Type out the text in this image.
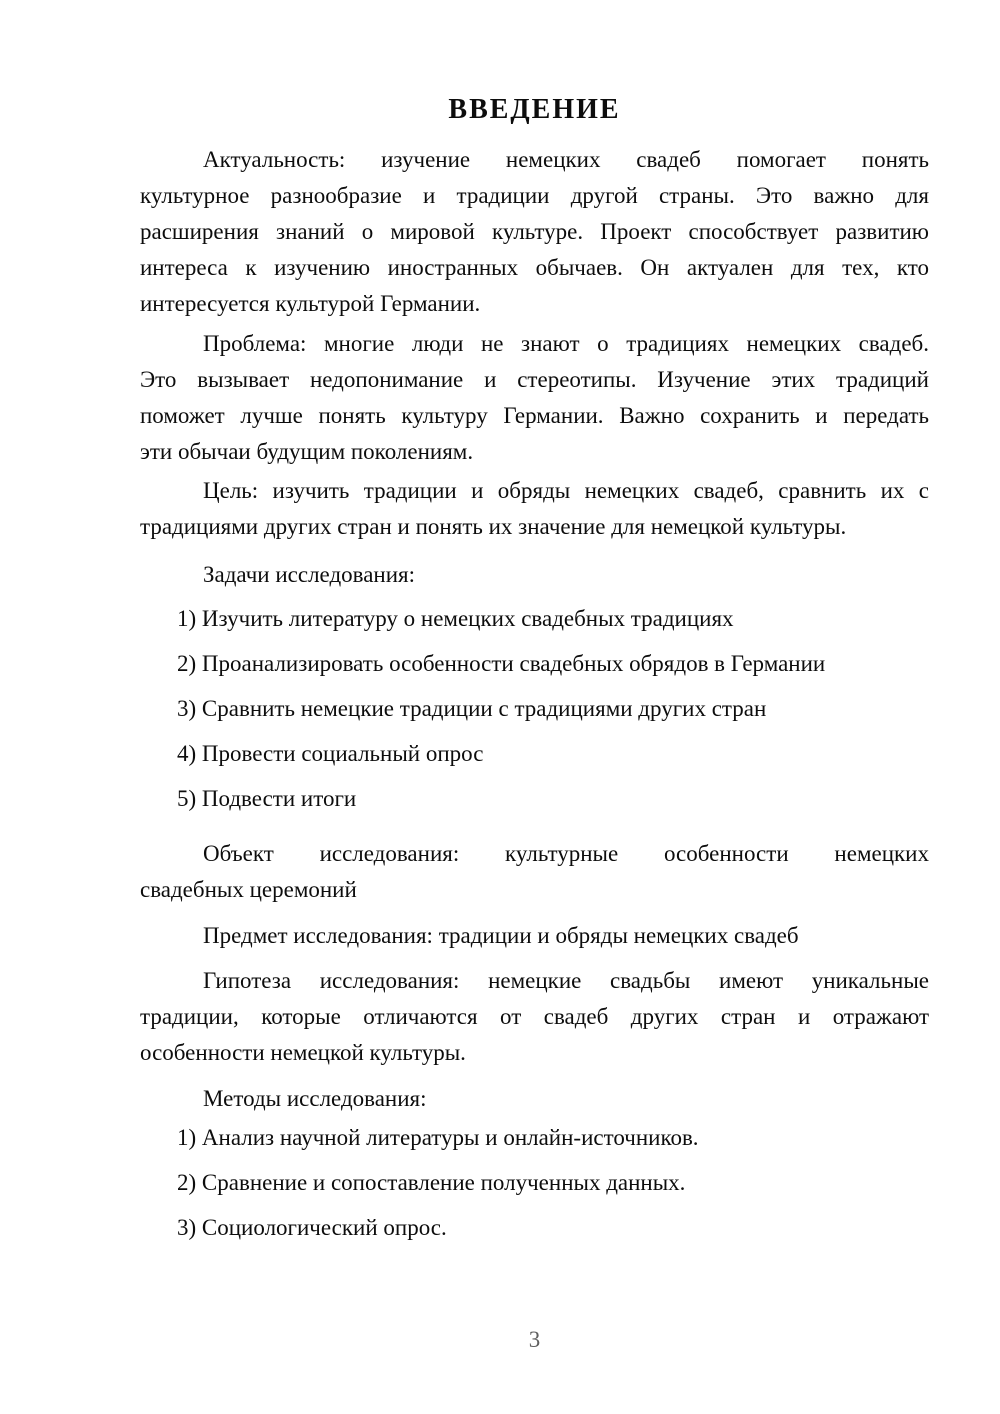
ВВЕДЕНИЕ
Актуальность: изучение немецких свадеб помогает понять
культурное разнообразие и традиции другой страны. Это важно для
расширения знаний о мировой культуре. Проект способствует развитию
интереса к изучению иностранных обычаев. Он актуален для тех, кто
интересуется культурой Германии.
Проблема: многие люди не знают о традициях немецких свадеб.
Это вызывает недопонимание и стереотипы. Изучение этих традиций
поможет лучше понять культуру Германии. Важно сохранить и передать
эти обычаи будущим поколениям.
Цель: изучить традиции и обряды немецких свадеб, сравнить их с
традициями других стран и понять их значение для немецкой культуры.
Задачи исследования:
1) Изучить литературу о немецких свадебных традициях
2) Проанализировать особенности свадебных обрядов в Германии
3) Сравнить немецкие традиции с традициями других стран
4) Провести социальный опрос
5) Подвести итоги
Объект исследования: культурные особенности немецких
свадебных церемоний
Предмет исследования: традиции и обряды немецких свадеб
Гипотеза исследования: немецкие свадьбы имеют уникальные
традиции, которые отличаются от свадеб других стран и отражают
особенности немецкой культуры.
Методы исследования:
1) Анализ научной литературы и онлайн-источников.
2) Сравнение и сопоставление полученных данных.
3) Социологический опрос.
3
